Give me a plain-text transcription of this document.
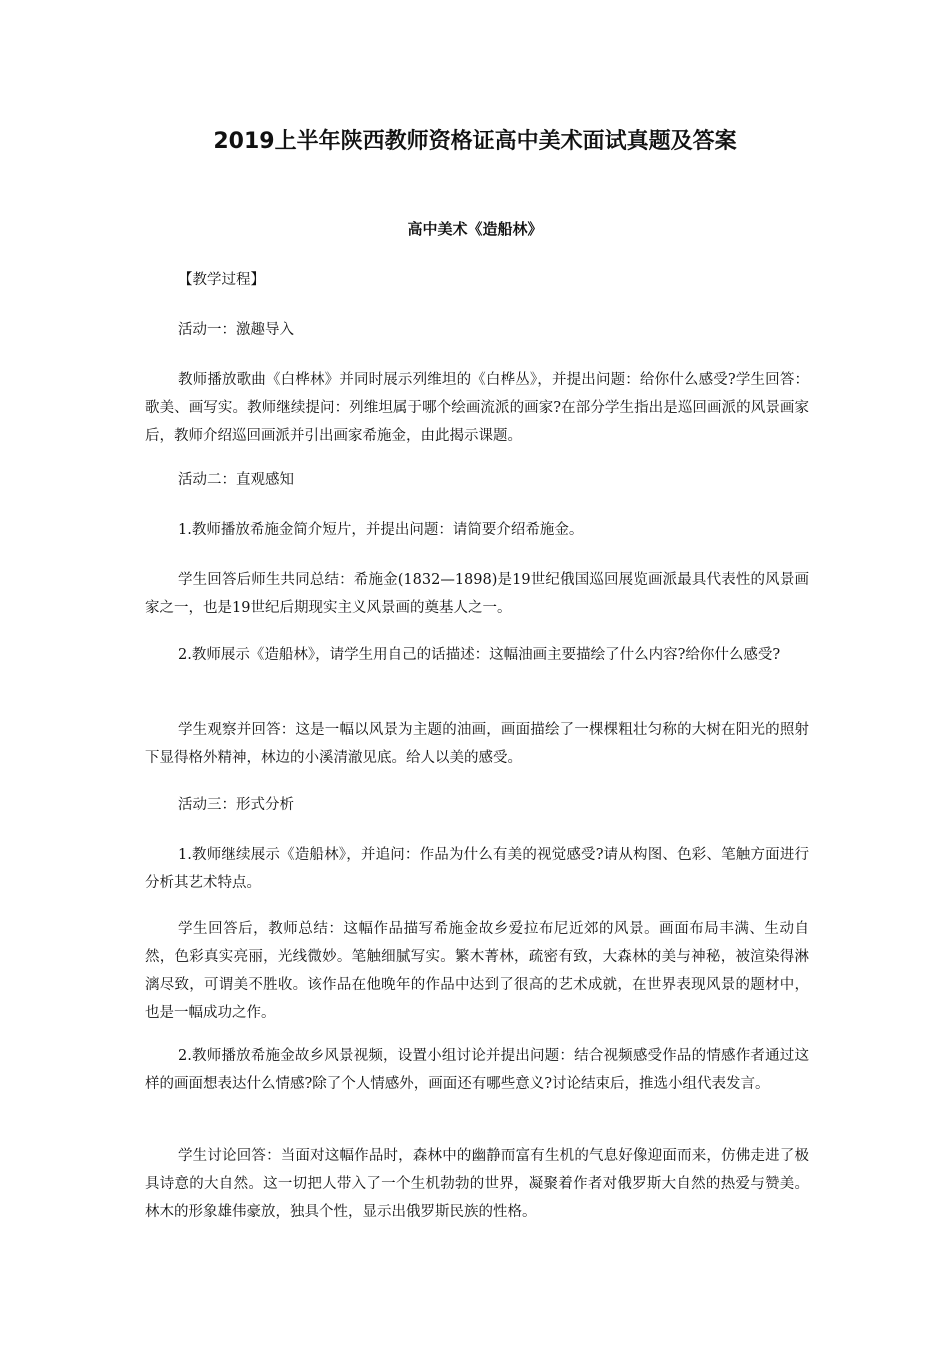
2019上半年陕西教师资格证高中美术面试真题及答案
高中美术《造船林》

【教学过程】

活动一：激趣导入

教师播放歌曲《白桦林》并同时展示列维坦的《白桦丛》，并提出问题：给你什么感受?学生回答：歌美、画写实。教师继续提问：列维坦属于哪个绘画流派的画家?在部分学生指出是巡回画派的风景画家后，教师介绍巡回画派并引出画家希施金，由此揭示课题。

活动二：直观感知

1.教师播放希施金简介短片，并提出问题：请简要介绍希施金。

学生回答后师生共同总结：希施金(1832—1898)是19世纪俄国巡回展览画派最具代表性的风景画家之一，也是19世纪后期现实主义风景画的奠基人之一。

2.教师展示《造船林》，请学生用自己的话描述：这幅油画主要描绘了什么内容?给你什么感受?

学生观察并回答：这是一幅以风景为主题的油画，画面描绘了一棵棵粗壮匀称的大树在阳光的照射下显得格外精神，林边的小溪清澈见底。给人以美的感受。

活动三：形式分析

1.教师继续展示《造船林》，并追问：作品为什么有美的视觉感受?请从构图、色彩、笔触方面进行分析其艺术特点。

学生回答后，教师总结：这幅作品描写希施金故乡爱拉布尼近郊的风景。画面布局丰满、生动自然，色彩真实亮丽，光线微妙。笔触细腻写实。繁木菁林，疏密有致，大森林的美与神秘，被渲染得淋漓尽致，可谓美不胜收。该作品在他晚年的作品中达到了很高的艺术成就，在世界表现风景的题材中，也是一幅成功之作。

2.教师播放希施金故乡风景视频，设置小组讨论并提出问题：结合视频感受作品的情感作者通过这样的画面想表达什么情感?除了个人情感外，画面还有哪些意义?讨论结束后，推选小组代表发言。

学生讨论回答：当面对这幅作品时，森林中的幽静而富有生机的气息好像迎面而来，仿佛走进了极具诗意的大自然。这一切把人带入了一个生机勃勃的世界，凝聚着作者对俄罗斯大自然的热爱与赞美。林木的形象雄伟豪放，独具个性，显示出俄罗斯民族的性格。
